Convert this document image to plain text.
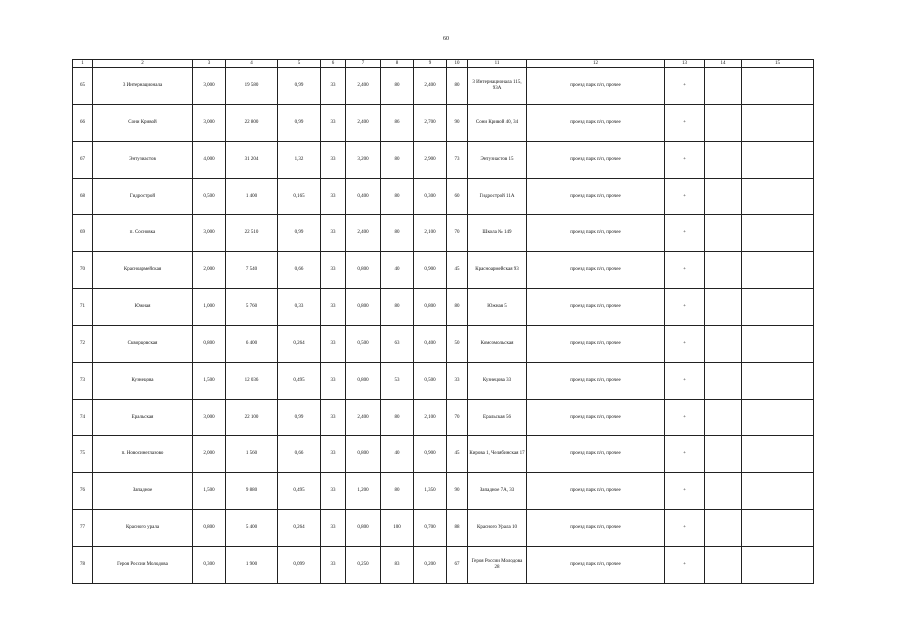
60
1	2	3	4	5	6	7	8	9	10	11	12	13	14	15
65	3 Интернационала	3,000	19 580	0,99	33	2,400	80	2,400	80	3 Интернационала 115, 93А	проезд парк п/п, прочее	+		
66	Сони Кривой	3,000	22 800	0,99	33	2,400	86	2,700	90	Сони Кривой 40, 34	проезд парк п/п, прочее	+		
67	Энтузиастов	4,000	31 204	1,32	33	3,200	80	2,900	73	Энтузиастов 15	проезд парк п/п, прочее	+		
68	Гидрострой	0,500	1 400	0,165	33	0,400	80	0,300	60	Гидрострой 11А	проезд парк п/п, прочее	+		
69	п. Сосновка	3,000	22 510	0,99	33	2,400	80	2,100	70	Школа № 149	проезд парк п/п, прочее	+		
70	Красноармейская	2,000	7 540	0,66	33	0,800	40	0,900	45	Красноармейская 93	проезд парк п/п, прочее	+		
71	Южная	1,000	5 760	0,33	33	0,800	80	0,800	80	Южная 5	проезд парк п/п, прочее	+		
72	Скворцовская	0,800	6 400	0,264	33	0,500	63	0,400	50	Комсомольская	проезд парк п/п, прочее	+		
73	Кузнецова	1,500	12 036	0,495	33	0,800	53	0,500	33	Кузнецова 33	проезд парк п/п, прочее	+		
74	Еральская	3,000	22 100	0,99	33	2,400	80	2,100	70	Еральская 56	проезд парк п/п, прочее	+		
75	п. Новосинеглазово	2,000	1 560	0,66	33	0,800	40	0,900	45	Кирова 1, Челябинская 17	проезд парк п/п, прочее	+		
76	Западное	1,500	9 880	0,495	33	1,200	80	1,350	90	Западное 7А, 33	проезд парк п/п, прочее	+		
77	Красного урала	0,800	5 400	0,264	33	0,800	100	0,700	88	Красного Урала 10	проезд парк п/п, прочее	+		
78	Героя России Молодова	0,300	1 900	0,099	33	0,250	83	0,200	67	Героя России Молодова 28	проезд парк п/п, прочее	+		
